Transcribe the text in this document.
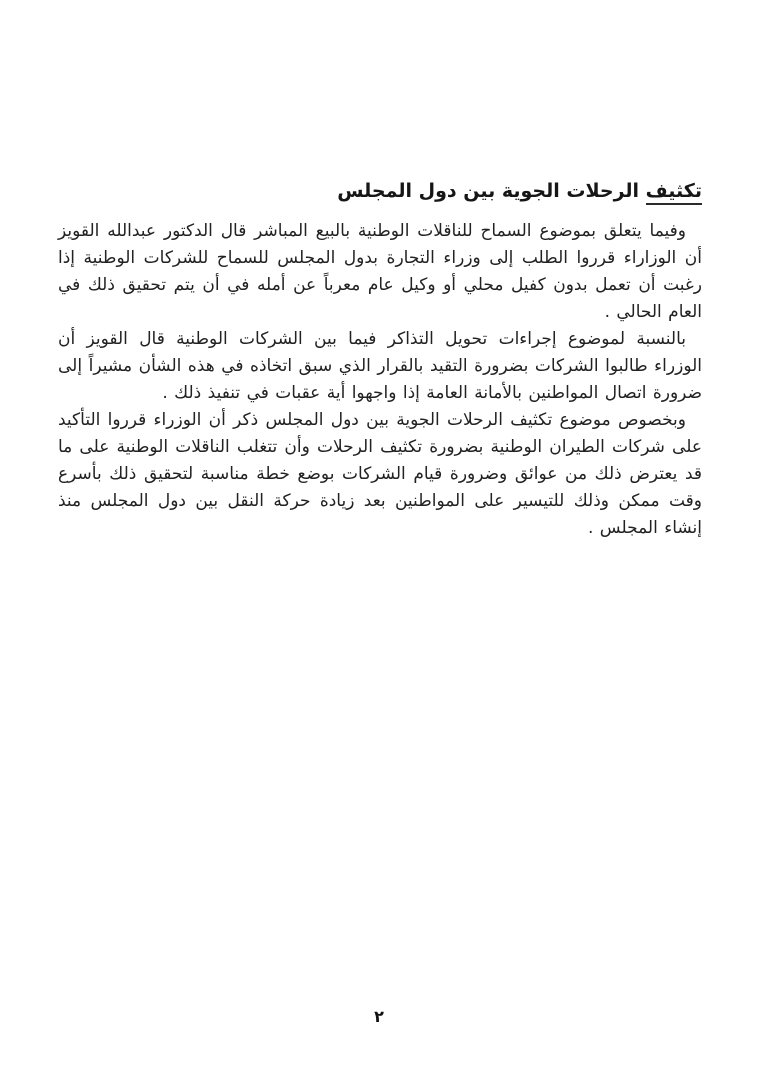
تكثيف الرحلات الجوية بين دول المجلس

وفيما يتعلق بموضوع السماح للناقلات الوطنية بالبيع المباشر قال الدكتور عبدالله القويز أن الوزاراء قرروا الطلب إلى وزراء التجارة بدول المجلس للسماح للشركات الوطنية إذا رغبت أن تعمل بدون كفيل محلي أو وكيل عام معرباً عن أمله في أن يتم تحقيق ذلك في العام الحالي .

بالنسبة لموضوع إجراءات تحويل التذاكر فيما بين الشركات الوطنية قال القويز أن الوزراء طالبوا الشركات بضرورة التقيد بالقرار الذي سبق اتخاذه في هذه الشأن مشيراً إلى ضرورة اتصال المواطنين بالأمانة العامة إذا واجهوا أية عقبات في تنفيذ ذلك .

وبخصوص موضوع تكثيف الرحلات الجوية بين دول المجلس ذكر أن الوزراء قرروا التأكيد على شركات الطيران الوطنية بضرورة تكثيف الرحلات وأن تتغلب الناقلات الوطنية على ما قد يعترض ذلك من عوائق وضرورة قيام الشركات بوضع خطة مناسبة لتحقيق ذلك بأسرع وقت ممكن وذلك للتيسير على المواطنين بعد زيادة حركة النقل بين دول المجلس منذ إنشاء المجلس .

٢
